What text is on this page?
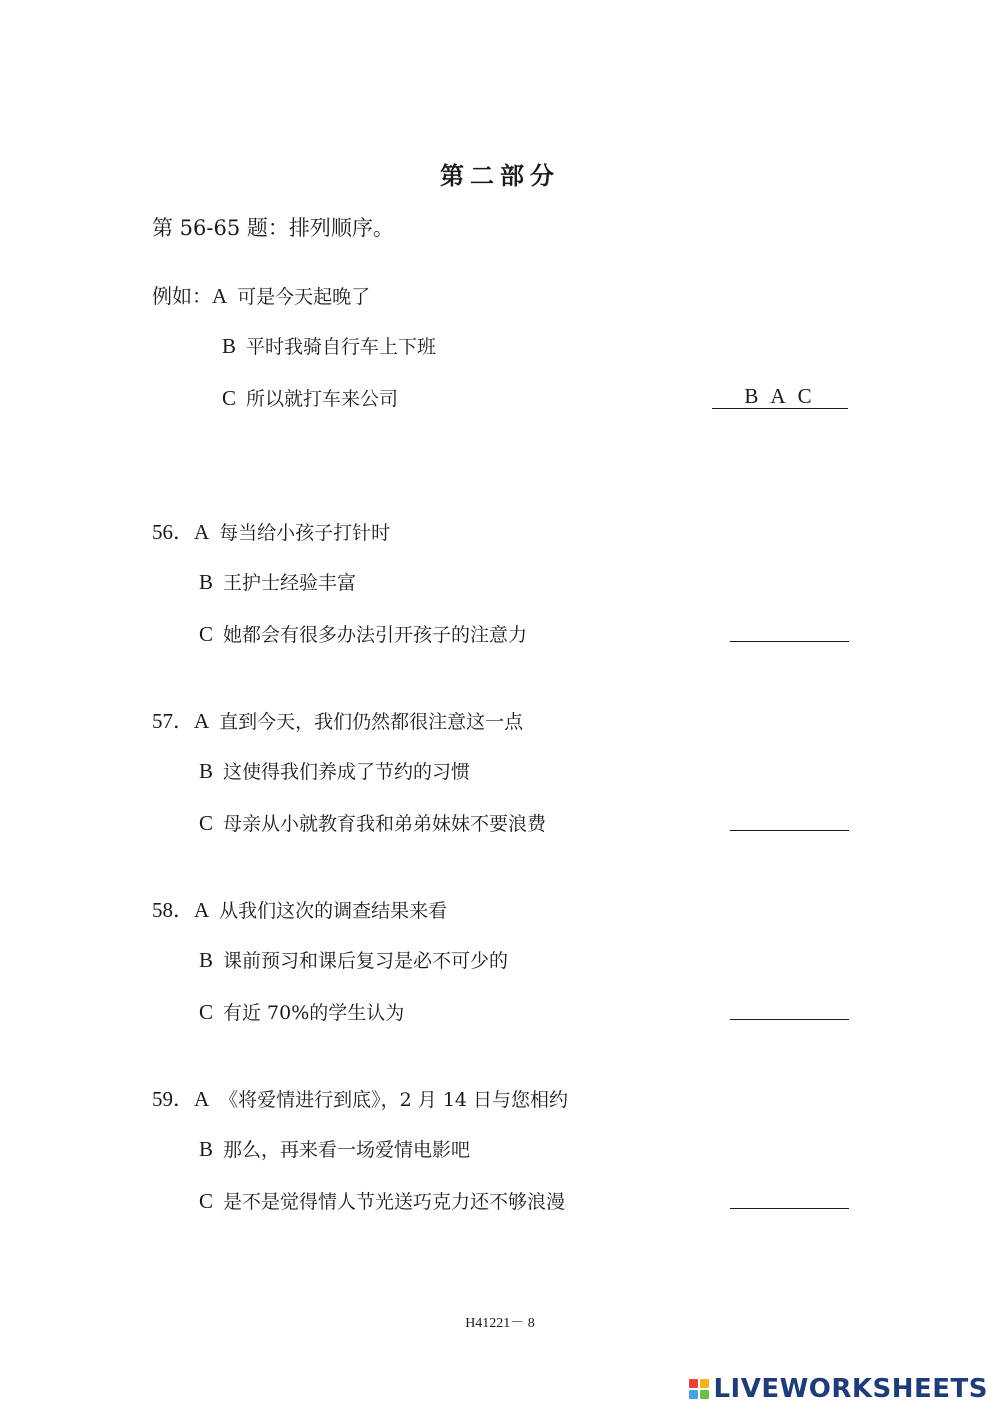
第二部分
第 56-65 题：排列顺序。
例如：A 可是今天起晚了
B 平时我骑自行车上下班
C 所以就打车来公司	B A C
56．A 每当给小孩子打针时
B 王护士经验丰富
C 她都会有很多办法引开孩子的注意力
57．A 直到今天，我们仍然都很注意这一点
B 这使得我们养成了节约的习惯
C 母亲从小就教育我和弟弟妹妹不要浪费
58．A 从我们这次的调查结果来看
B 课前预习和课后复习是必不可少的
C 有近 70%的学生认为
59．A 《将爱情进行到底》，2 月 14 日与您相约
B 那么，再来看一场爱情电影吧
C 是不是觉得情人节光送巧克力还不够浪漫
H41221－ 8
LIVEWORKSHEETS
